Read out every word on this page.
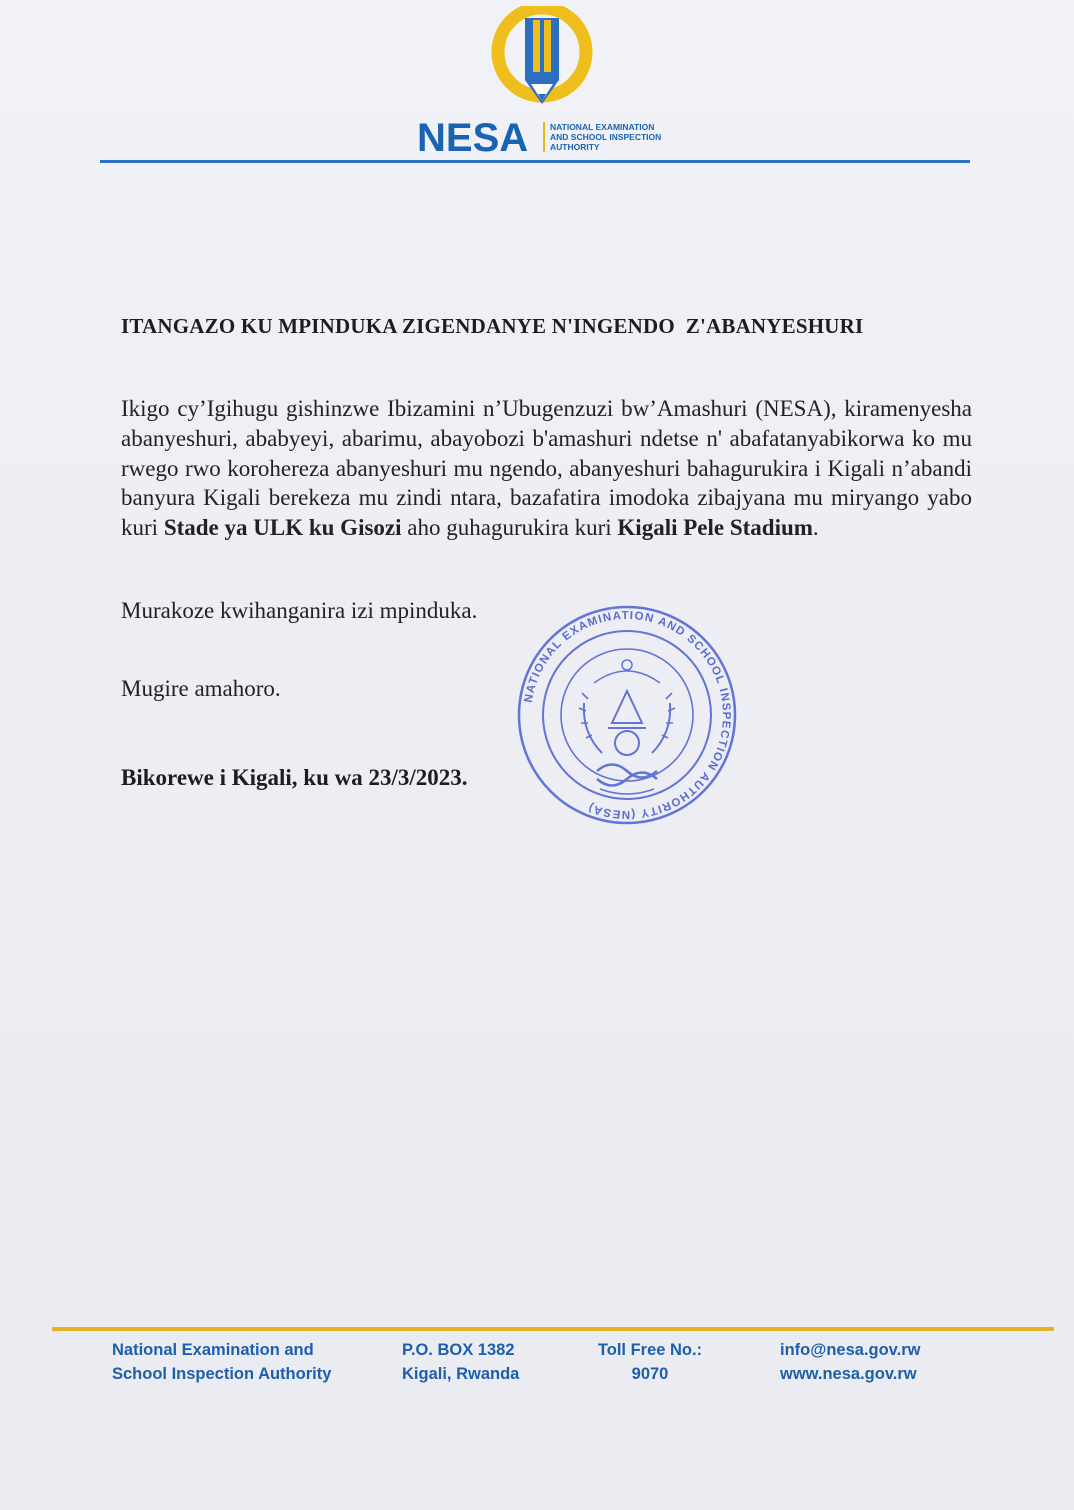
NESA	NATIONAL EXAMINATION
AND SCHOOL INSPECTION
AUTHORITY
ITANGAZO KU MPINDUKA ZIGENDANYE N'INGENDO  Z'ABANYESHURI
Ikigo cy’Igihugu gishinzwe Ibizamini n’Ubugenzuzi bw’Amashuri (NESA), kiramenyesha abanyeshuri, ababyeyi, abarimu, abayobozi b'amashuri ndetse n' abafatanyabikorwa ko mu rwego rwo korohereza abanyeshuri mu ngendo, abanyeshuri bahagurukira i Kigali n’abandi banyura Kigali berekeza mu zindi ntara, bazafatira imodoka zibajyana mu miryango yabo kuri Stade ya ULK ku Gisozi aho guhagurukira kuri Kigali Pele Stadium.
Murakoze kwihanganira izi mpinduka.
Mugire amahoro.
Bikorewe i Kigali, ku wa 23/3/2023.
NATIONAL EXAMINATION AND SCHOOL INSPECTION AUTHORITY (NESA)
National Examination and
School Inspection Authority
P.O. BOX 1382
Kigali, Rwanda
Toll Free No.:
9070
info@nesa.gov.rw
www.nesa.gov.rw
